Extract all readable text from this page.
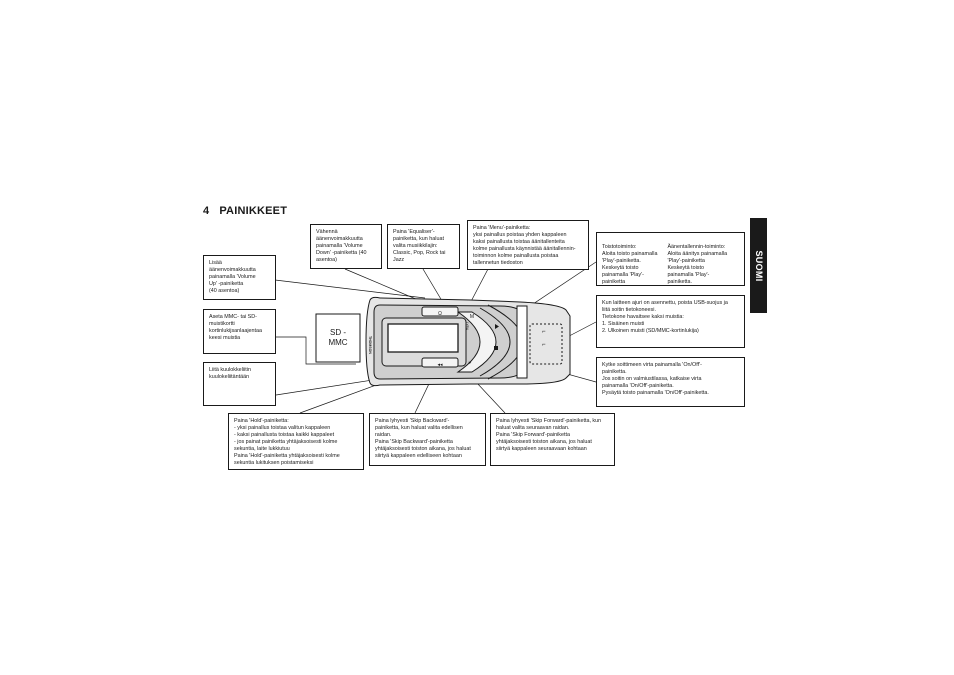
4 PAINIKKEET
SUOMI
Ω	M
◂◂	▸
⌐
⌐
SD -
MMC	THOMSON
LYRA
Vähennä
äänenvoimakkuutta
painamalla 'Volume
Down' -painiketta (40
asentoa)
Paina 'Equaliser'-
painiketta, kun haluat
valita musiikkilajin:
Classic, Pop, Rock tai
Jazz
Paina 'Menu'-painiketta:
yksi painallus poistaa yhden kappaleen
kaksi painallusta toistaa äänitallenteita
kolme painallusta käynnistää äänitallennin-
toiminnon kolme painallusta poistaa
tallennetun tiedoston

Toistotoiminto:
Aloita toisto painamalla
'Play'-painiketta.
Keskeytä toisto
painamalla 'Play'-
painiketta
Äänentallennin-toiminto:
Aloita äänitys painamalla
'Play'-painiketta
Keskeytä toisto
painamalla 'Play'-
painiketta.

Kun laitteen ajuri on asennettu, poista USB-suojus ja
liitä soitin tietokoneesi.
Tietokone havaitsee kaksi muistia:
1. Sisäinen muisti
2. Ulkoinen muisti (SD/MMC-kortinlukija)
Kytke soittimeen virta painamalla 'On/Off'-
painiketta.
Jos soitin on valmiustilassa, katkaise virta
painamalla 'On/Off'-painiketta.
Pysäytä toisto painamalla 'On/Off'-painiketta.
Lisää
äänenvoimakkuutta
painamalla 'Volume
Up' -painiketta
(40 asentoa)
Aseta MMC- tai SD-
muistikortti
kortinlukijsanlaajentaa
keesi muistia
Liitä kuulokkeliitin
kuulokeliitäntään
Paina 'Hold'-painiketta:
- yksi painallus toistaa valitun kappaleen
- kaksi painallusta toistaa kaikki kappaleet
- jos painat painiketta yhtäjaksoisesti kolme
sekuntia, laite lukkiutuu
Paina 'Hold'-painiketta yhtäjaksoisesti kolme
sekuntia lukituksen poistamiseksi
Paina lyhyesti 'Skip Backward'-
painiketta, kun haluat valita edellisen
raidan.
Paina 'Skip Backward'-painiketta
yhtäjaksoisesti toiston aikana, jos haluat
siirtyä kappaleen edelliseen kohtaan
Paina lyhyesti 'Skip Forward'-painiketta, kun
haluat valita seuraavan raidan.
Paina 'Skip Forward'-painiketta
yhtäjaksoisesti toiston aikana, jos haluat
siirtyä kappaleen seuraavaan kohtaan
